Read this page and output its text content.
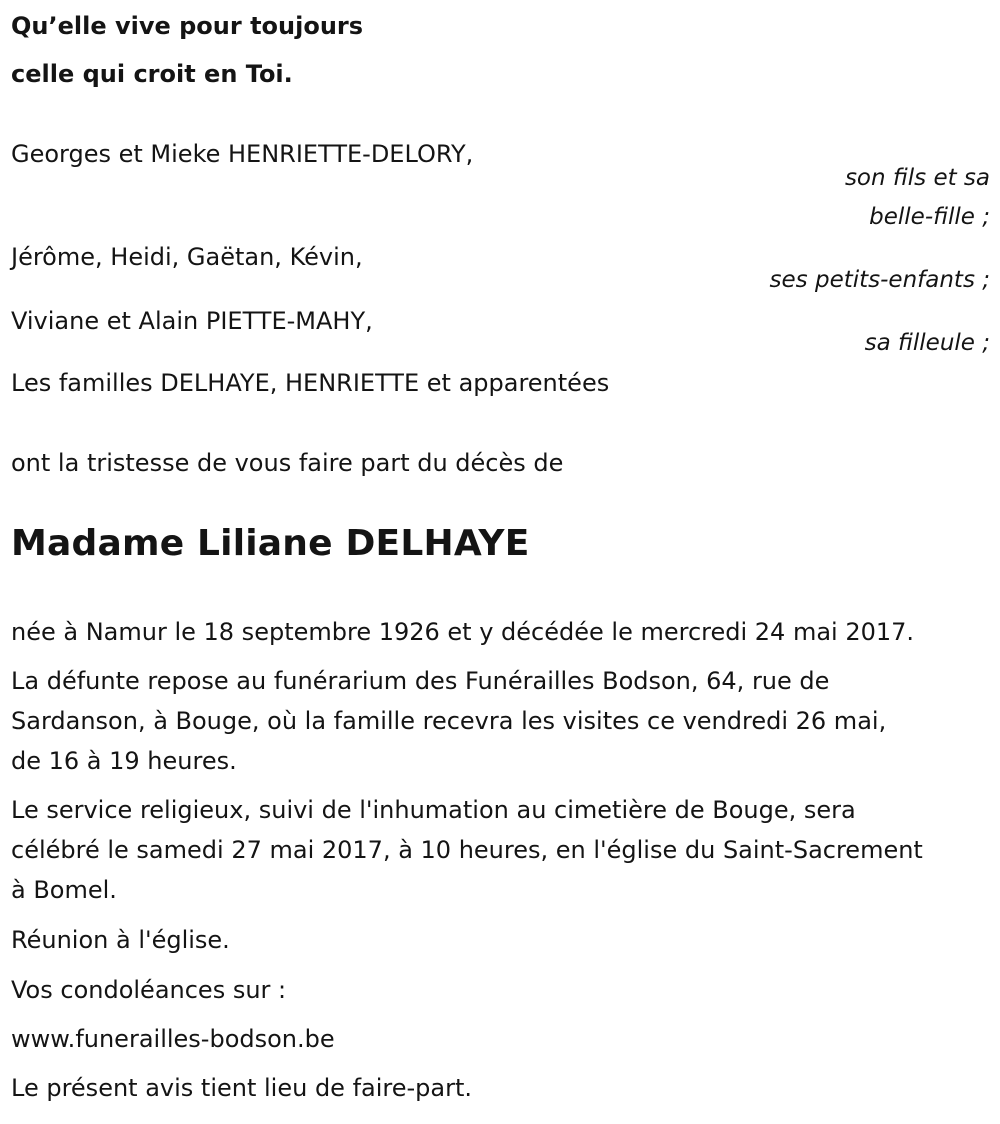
Qu’elle vive pour toujours
celle qui croit en Toi.
Georges et Mieke HENRIETTE-DELORY,
son fils et sa
belle-fille ;
Jérôme, Heidi, Gaëtan, Kévin,
ses petits-enfants ;
Viviane et Alain PIETTE-MAHY,
sa filleule ;
Les familles DELHAYE, HENRIETTE et apparentées
ont la tristesse de vous faire part du décès de
Madame Liliane DELHAYE
née à Namur le 18 septembre 1926 et y décédée le mercredi 24 mai 2017.
La défunte repose au funérarium des Funérailles Bodson, 64, rue de
Sardanson, à Bouge, où la famille recevra les visites ce vendredi 26 mai,
de 16 à 19 heures.
Le service religieux, suivi de l'inhumation au cimetière de Bouge, sera
célébré le samedi 27 mai 2017, à 10 heures, en l'église du Saint-Sacrement
à Bomel.
Réunion à l'église.
Vos condoléances sur :
www.funerailles-bodson.be
Le présent avis tient lieu de faire-part.
